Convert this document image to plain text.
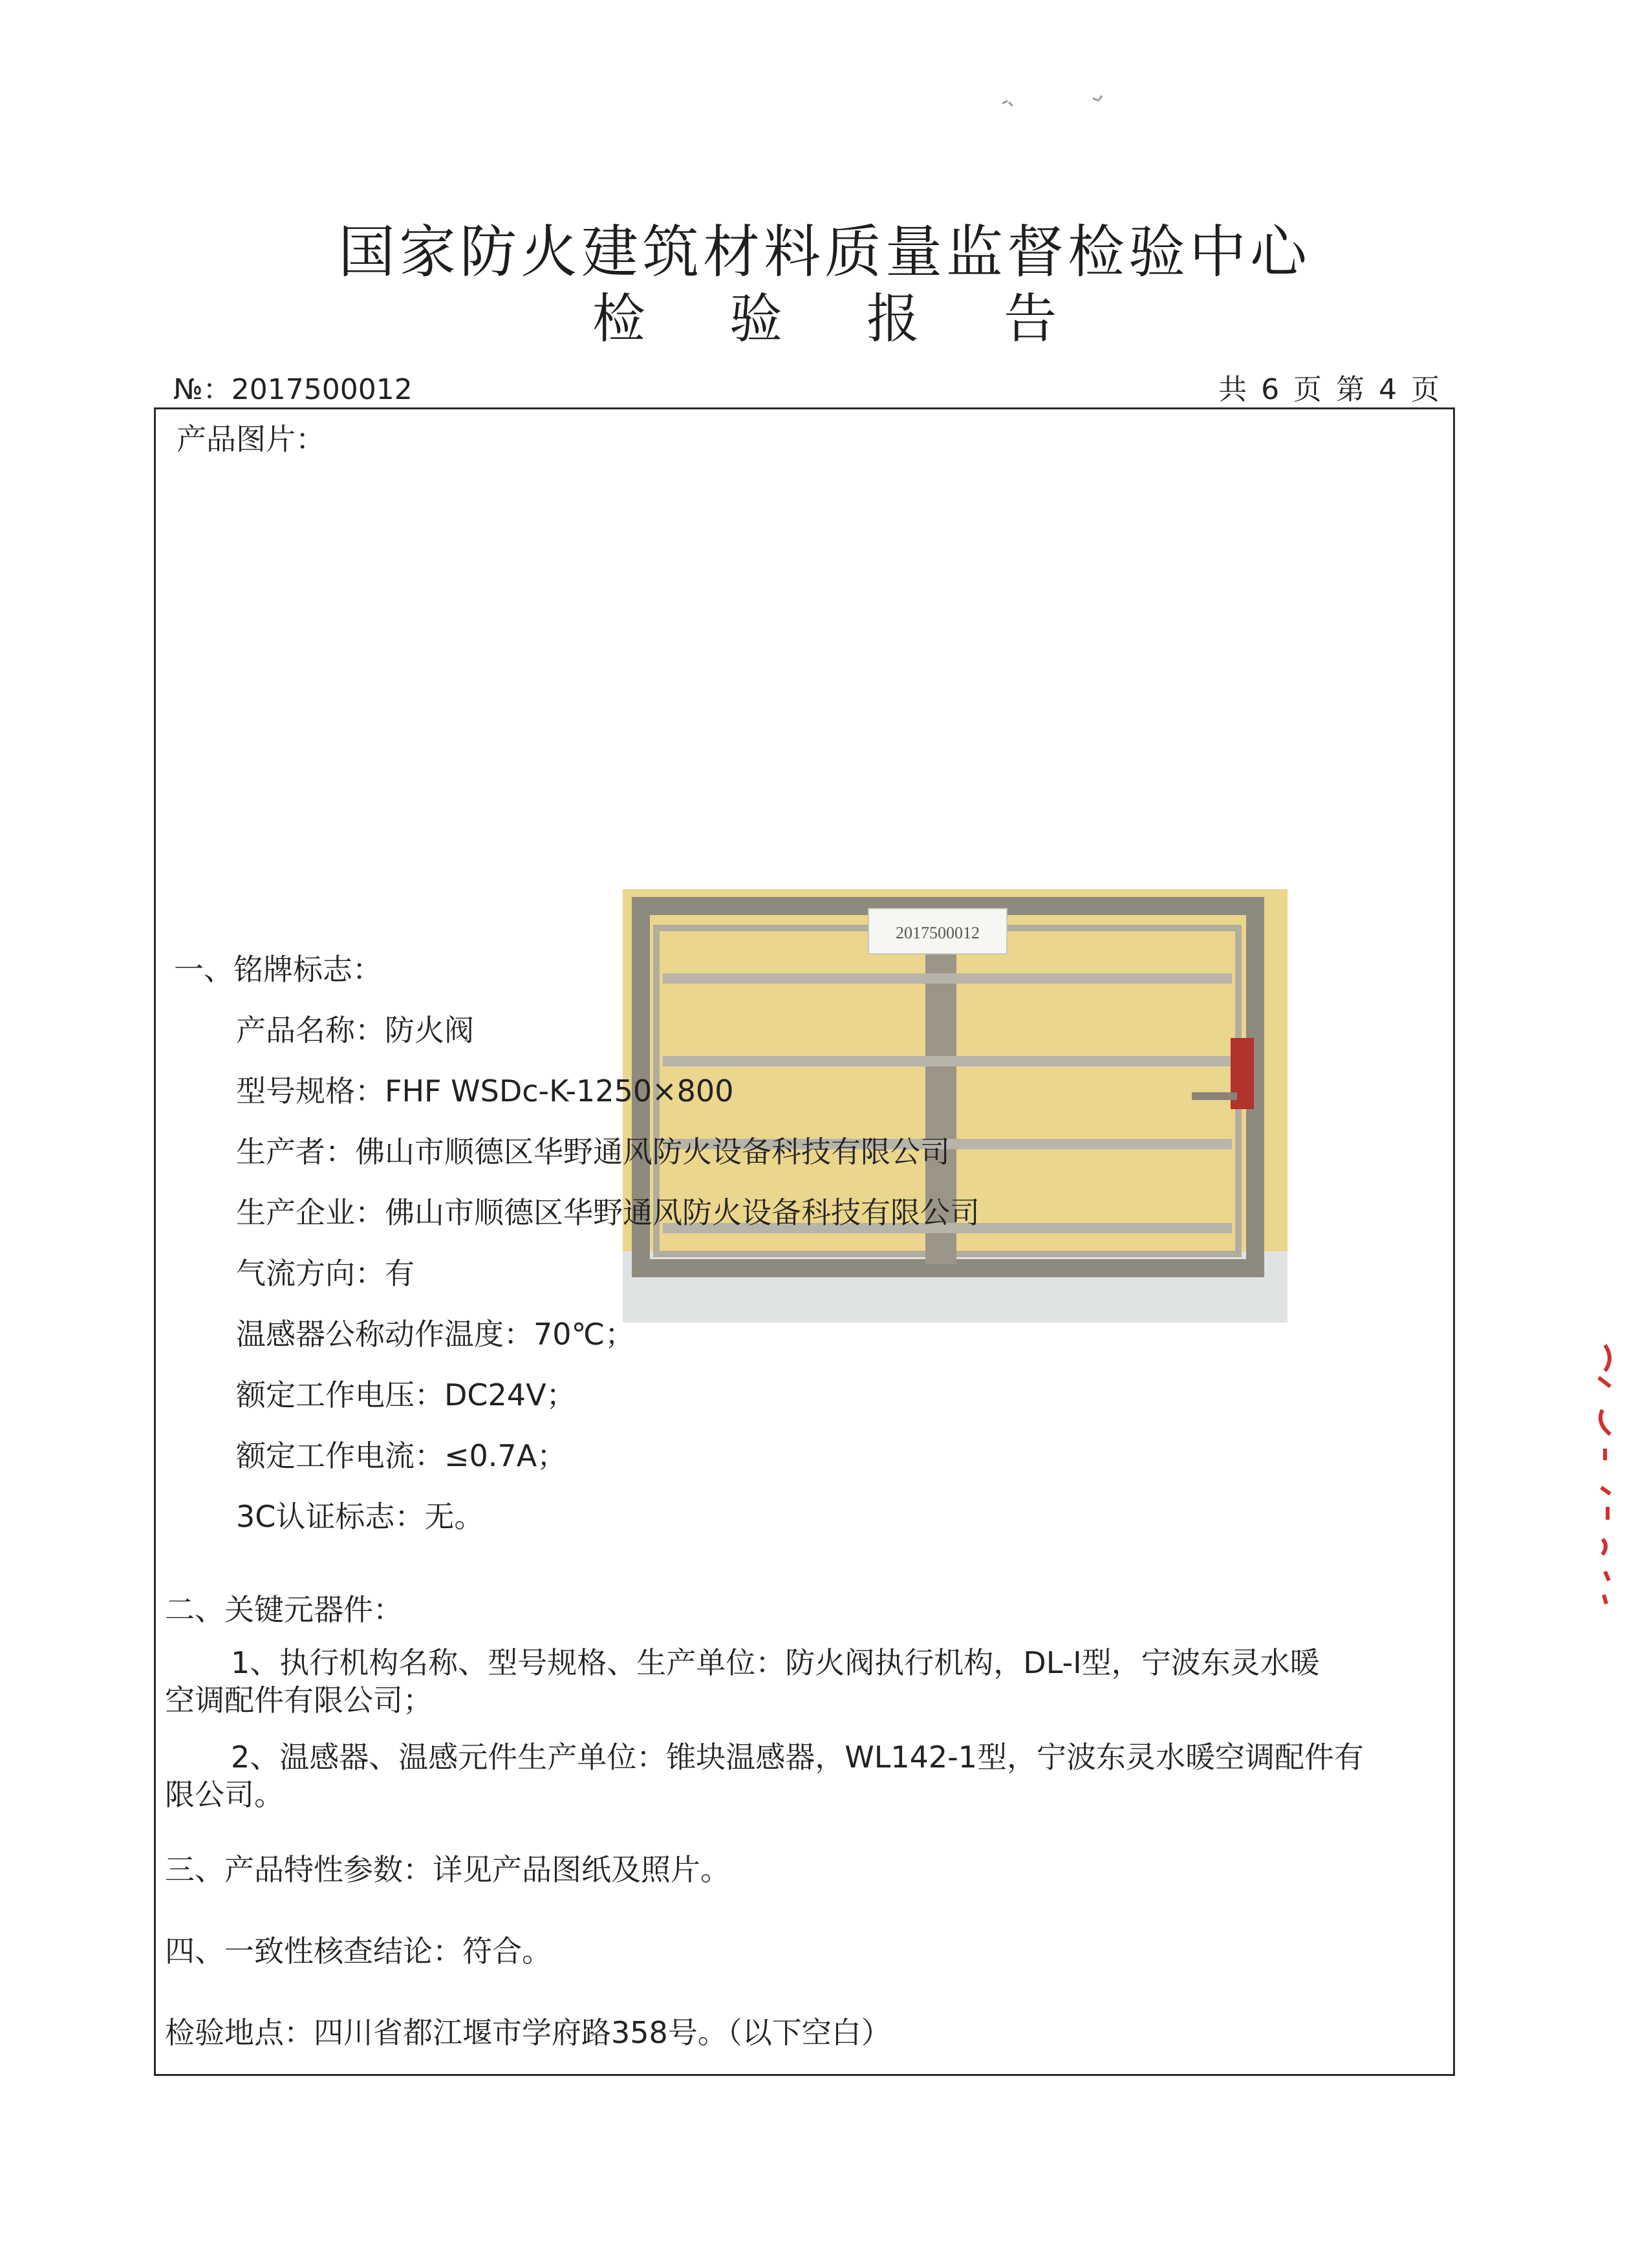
国家防火建筑材料质量监督检验中心
检 验 报 告
№：2017500012	共 6 页 第 4 页
产品图片：
2017500012
一、铭牌标志：
产品名称：防火阀
型号规格：FHF WSDc-K-1250×800
生产者：佛山市顺德区华野通风防火设备科技有限公司
生产企业：佛山市顺德区华野通风防火设备科技有限公司
气流方向：有
温感器公称动作温度：70℃；
额定工作电压：DC24V；
额定工作电流：≤0.7A；
3C认证标志：无。
二、关键元器件：
1、执行机构名称、型号规格、生产单位：防火阀执行机构，DL-Ⅰ型，宁波东灵水暖
空调配件有限公司；
2、温感器、温感元件生产单位：锥块温感器，WL142-1型，宁波东灵水暖空调配件有
限公司。
三、产品特性参数：详见产品图纸及照片。
四、一致性核查结论：符合。
检验地点：四川省都江堰市学府路358号。（以下空白）
